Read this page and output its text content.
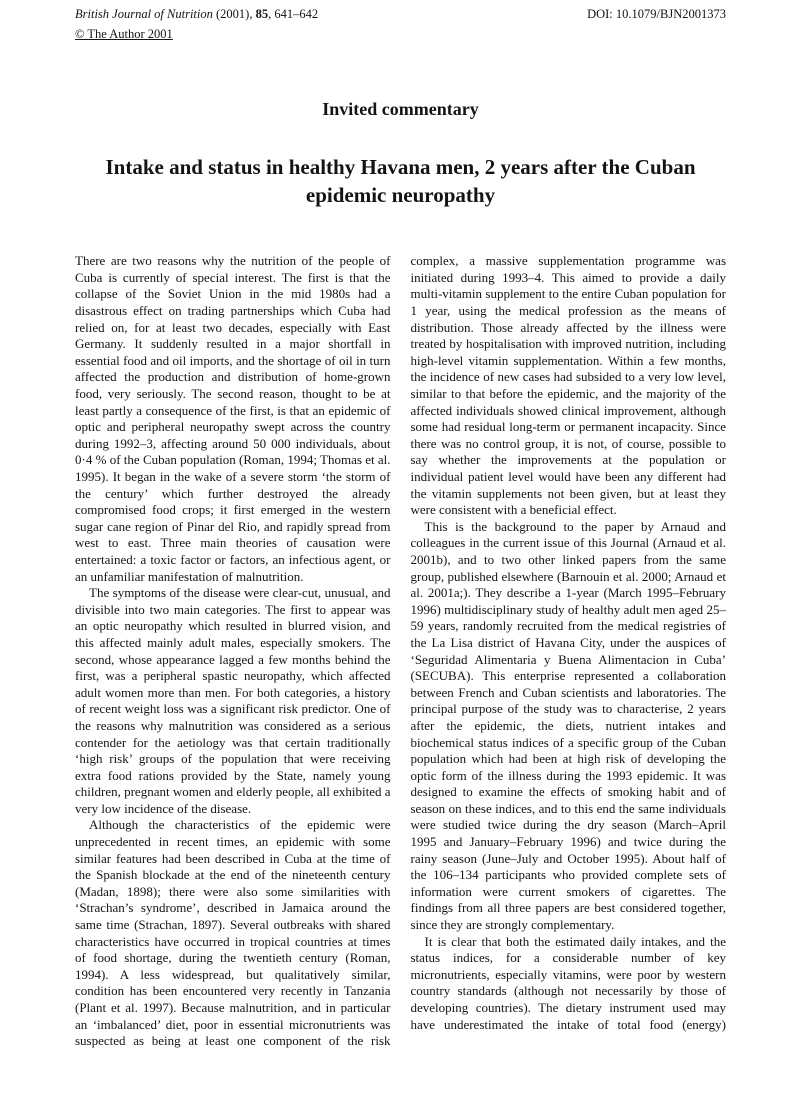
British Journal of Nutrition (2001), 85, 641–642
© The Author 2001
DOI: 10.1079/BJN2001373
Invited commentary
Intake and status in healthy Havana men, 2 years after the Cuban epidemic neuropathy

There are two reasons why the nutrition of the people of Cuba is currently of special interest. The first is that the collapse of the Soviet Union in the mid 1980s had a disastrous effect on trading partnerships which Cuba had relied on, for at least two decades, especially with East Germany. It suddenly resulted in a major shortfall in essential food and oil imports, and the shortage of oil in turn affected the production and distribution of home-grown food, very seriously. The second reason, thought to be at least partly a consequence of the first, is that an epidemic of optic and peripheral neuropathy swept across the country during 1992–3, affecting around 50 000 individuals, about 0·4 % of the Cuban population (Roman, 1994; Thomas et al. 1995). It began in the wake of a severe storm ‘the storm of the century’ which further destroyed the already compromised food crops; it first emerged in the western sugar cane region of Pinar del Rio, and rapidly spread from west to east. Three main theories of causation were entertained: a toxic factor or factors, an infectious agent, or an unfamiliar manifestation of malnutrition.

The symptoms of the disease were clear-cut, unusual, and divisible into two main categories. The first to appear was an optic neuropathy which resulted in blurred vision, and this affected mainly adult males, especially smokers. The second, whose appearance lagged a few months behind the first, was a peripheral spastic neuropathy, which affected adult women more than men. For both categories, a history of recent weight loss was a significant risk predictor. One of the reasons why malnutrition was considered as a serious contender for the aetiology was that certain traditionally ‘high risk’ groups of the population that were receiving extra food rations provided by the State, namely young children, pregnant women and elderly people, all exhibited a very low incidence of the disease.

Although the characteristics of the epidemic were unprecedented in recent times, an epidemic with some similar features had been described in Cuba at the time of the Spanish blockade at the end of the nineteenth century (Madan, 1898); there were also some similarities with ‘Strachan’s syndrome’, described in Jamaica around the same time (Strachan, 1897). Several outbreaks with shared characteristics have occurred in tropical countries at times of food shortage, during the twentieth century (Roman, 1994). A less widespread, but qualitatively similar, condition has been encountered very recently in Tanzania (Plant et al. 1997). Because malnutrition, and in particular an ‘imbalanced’ diet, poor in essential micronutrients was suspected as being at least one component of the risk

complex, a massive supplementation programme was initiated during 1993–4. This aimed to provide a daily multi-vitamin supplement to the entire Cuban population for 1 year, using the medical profession as the means of distribution. Those already affected by the illness were treated by hospitalisation with improved nutrition, including high-level vitamin supplementation. Within a few months, the incidence of new cases had subsided to a very low level, similar to that before the epidemic, and the majority of the affected individuals showed clinical improvement, although some had residual long-term or permanent incapacity. Since there was no control group, it is not, of course, possible to say whether the improvements at the population or individual patient level would have been any different had the vitamin supplements not been given, but at least they were consistent with a beneficial effect.

This is the background to the paper by Arnaud and colleagues in the current issue of this Journal (Arnaud et al. 2001b), and to two other linked papers from the same group, published elsewhere (Barnouin et al. 2000; Arnaud et al. 2001a;). They describe a 1-year (March 1995–February 1996) multidisciplinary study of healthy adult men aged 25–59 years, randomly recruited from the medical registries of the La Lisa district of Havana City, under the auspices of ‘Seguridad Alimentaria y Buena Alimentacion in Cuba’ (SECUBA). This enterprise represented a collaboration between French and Cuban scientists and laboratories. The principal purpose of the study was to characterise, 2 years after the epidemic, the diets, nutrient intakes and biochemical status indices of a specific group of the Cuban population which had been at high risk of developing the optic form of the illness during the 1993 epidemic. It was designed to examine the effects of smoking habit and of season on these indices, and to this end the same individuals were studied twice during the dry season (March–April 1995 and January–February 1996) and twice during the rainy season (June–July and October 1995). About half of the 106–134 participants who provided complete sets of information were current smokers of cigarettes. The findings from all three papers are best considered together, since they are strongly complementary.

It is clear that both the estimated daily intakes, and the status indices, for a considerable number of key micronutrients, especially vitamins, were poor by western country standards (although not necessarily by those of developing countries). The dietary instrument used may have underestimated the intake of total food (energy)
